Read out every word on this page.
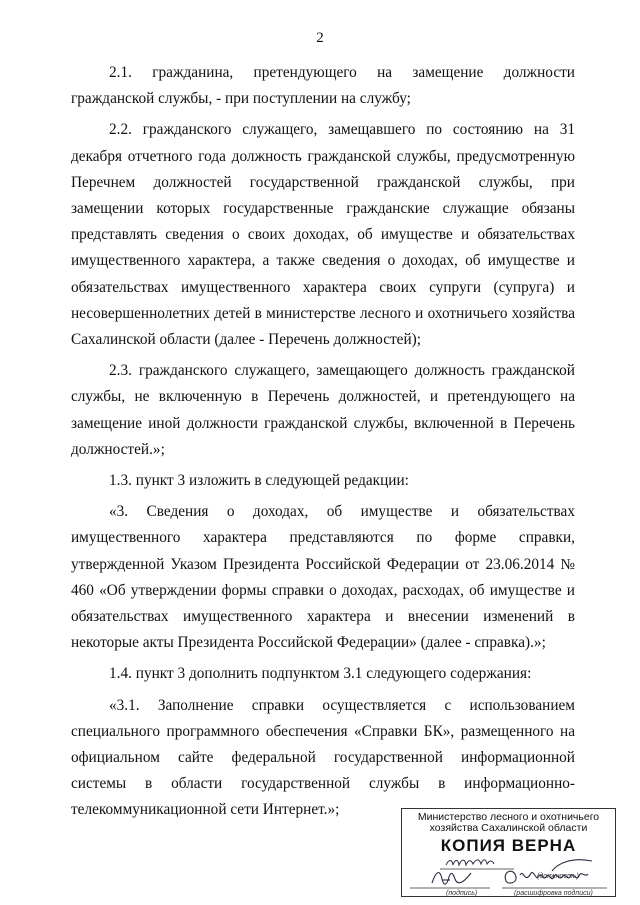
2

2.1. гражданина, претендующего на замещение должности гражданской службы, - при поступлении на службу;

2.2. гражданского служащего, замещавшего по состоянию на 31 декабря отчетного года должность гражданской службы, предусмотренную Перечнем должностей государственной гражданской службы, при замещении которых государственные гражданские служащие обязаны представлять сведения о своих доходах, об имуществе и обязательствах имущественного характера, а также сведения о доходах, об имуществе и обязательствах имущественного характера своих супруги (супруга) и несовершеннолетних детей в министерстве лесного и охотничьего хозяйства Сахалинской области (далее - Перечень должностей);

2.3. гражданского служащего, замещающего должность гражданской службы, не включенную в Перечень должностей, и претендующего на замещение иной должности гражданской службы, включенной в Перечень должностей.»;

1.3. пункт 3 изложить в следующей редакции:

«3. Сведения о доходах, об имуществе и обязательствах имущественного характера представляются по форме справки, утвержденной Указом Президента Российской Федерации от 23.06.2014 № 460 «Об утверждении формы справки о доходах, расходах, об имуществе и обязательствах имущественного характера и внесении изменений в некоторые акты Президента Российской Федерации» (далее - справка).»;

1.4. пункт 3 дополнить подпунктом 3.1 следующего содержания:

«3.1. Заполнение справки осуществляется с использованием специального программного обеспечения «Справки БК», размещенного на официальном сайте федеральной государственной информационной системы в области государственной службы в информационно-телекоммуникационной сети Интернет.»;	Министерство лесного и охотничьего
хозяйства Сахалинской области
КОПИЯ ВЕРНА
(должность)
(подпись)	(расшифровка подписи)
